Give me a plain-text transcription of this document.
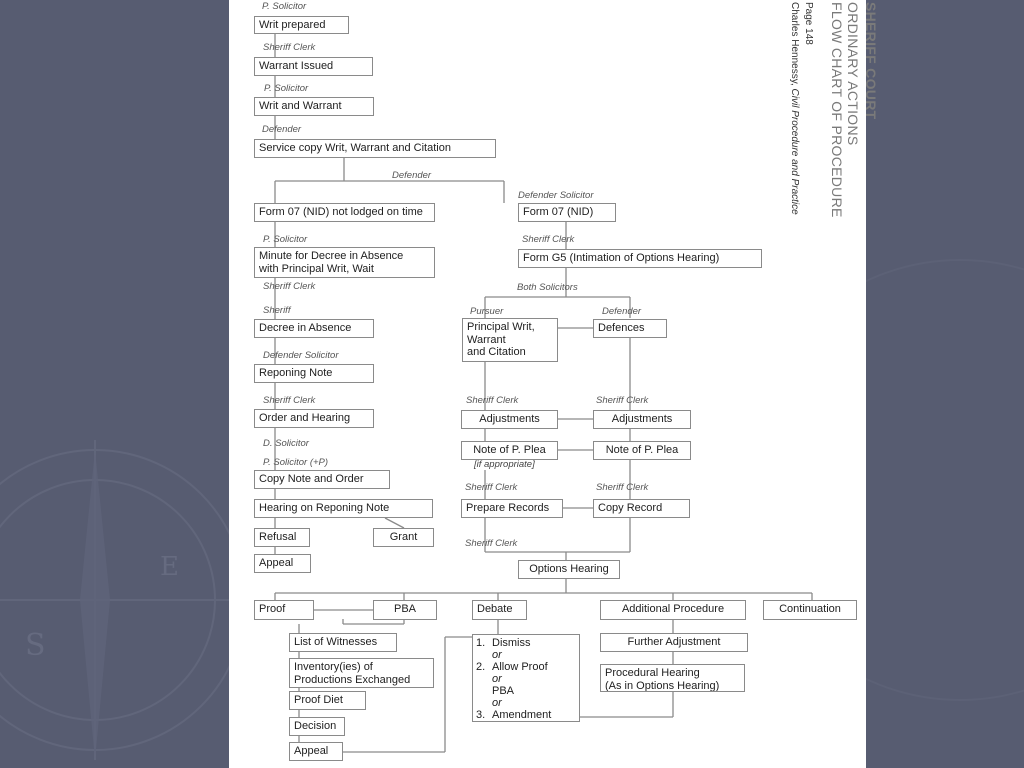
S
E
P. Solicitor
Sheriff Clerk
P. Solicitor
Defender
Defender
Defender Solicitor
P. Solicitor	Sheriff Clerk
Sheriff Clerk	Both Solicitors
Sheriff	Pursuer	Defender
Defender Solicitor
Sheriff Clerk	Sheriff Clerk	Sheriff Clerk
D. Solicitor
P. Solicitor (+P)
Sheriff Clerk	Sheriff Clerk
Sheriff Clerk
Writ prepared
Warrant Issued
Writ and Warrant
Service copy Writ, Warrant and Citation
Form 07 (NID) not lodged on time	Form 07 (NID)
Minute for Decree in Absence
with Principal Writ, Wait
Form G5 (Intimation of Options Hearing)
Decree in Absence	Principal Writ,
Warrant
and Citation
Defences
Reponing Note
Order and Hearing	Adjustments	Adjustments
Note of P. Plea	Note of P. Plea
[if appropriate]
Copy Note and Order
Hearing on Reponing Note	Prepare Records	Copy Record
Refusal	Grant
Appeal	Options Hearing
Proof	PBA	Debate	Additional Procedure	Continuation
List of Witnesses
Inventory(ies) of
Productions Exchanged
Proof Diet
Decision
Appeal
Further Adjustment
Procedural Hearing
(As in Options Hearing)
1. Dismiss
or
2. Allow Proof
or
PBA
or
3. Amendment
Page 148
Charles Hennessy, Civil Procedure and Practice FLOW CHART OF PROCEDURE ORDINARY ACTIONS SHERIFF COURT
